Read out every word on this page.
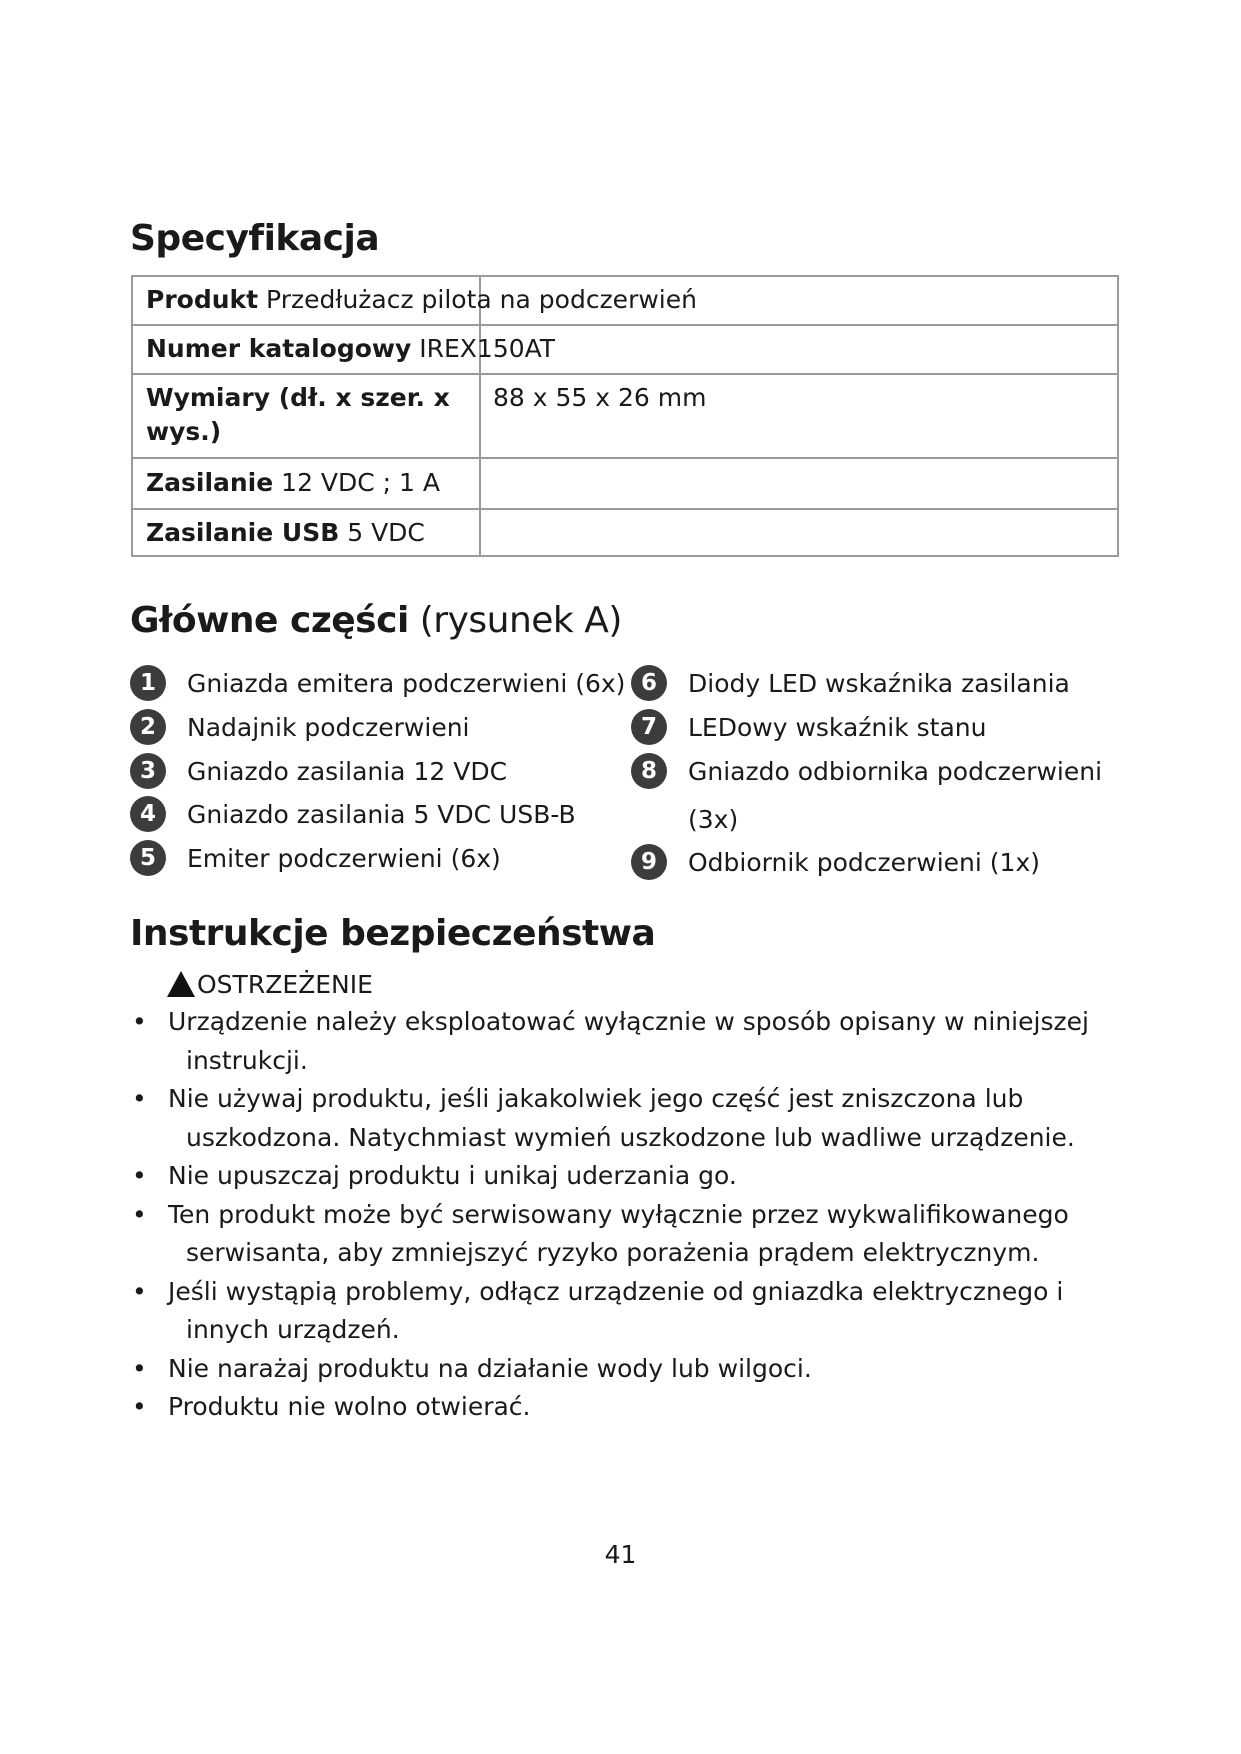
Specyfikacja
Produkt Przedłużacz pilota na podczerwień
Numer katalogowy IREX150AT
Wymiary (dł. x szer. x
wys.)
88 x 55 x 26 mm
Zasilanie 12 VDC ; 1 A
Zasilanie USB 5 VDC
Główne części (rysunek A)
1	Gniazda emitera podczerwieni (6x)
2	Nadajnik podczerwieni
3	Gniazdo zasilania 12 VDC
4	Gniazdo zasilania 5 VDC USB-B
5	Emiter podczerwieni (6x)
6	Diody LED wskaźnika zasilania
7	LEDowy wskaźnik stanu
8	Gniazdo odbiornika podczerwieni
(3x)
9	Odbiornik podczerwieni (1x)
Instrukcje bezpieczeństwa
OSTRZEŻENIE
• Urządzenie należy eksploatować wyłącznie w sposób opisany w niniejszej
instrukcji.
• Nie używaj produktu, jeśli jakakolwiek jego część jest zniszczona lub
uszkodzona. Natychmiast wymień uszkodzone lub wadliwe urządzenie.
• Nie upuszczaj produktu i unikaj uderzania go.
• Ten produkt może być serwisowany wyłącznie przez wykwalifikowanego
serwisanta, aby zmniejszyć ryzyko porażenia prądem elektrycznym.
• Jeśli wystąpią problemy, odłącz urządzenie od gniazdka elektrycznego i
innych urządzeń.
• Nie narażaj produktu na działanie wody lub wilgoci.
• Produktu nie wolno otwierać.
41
